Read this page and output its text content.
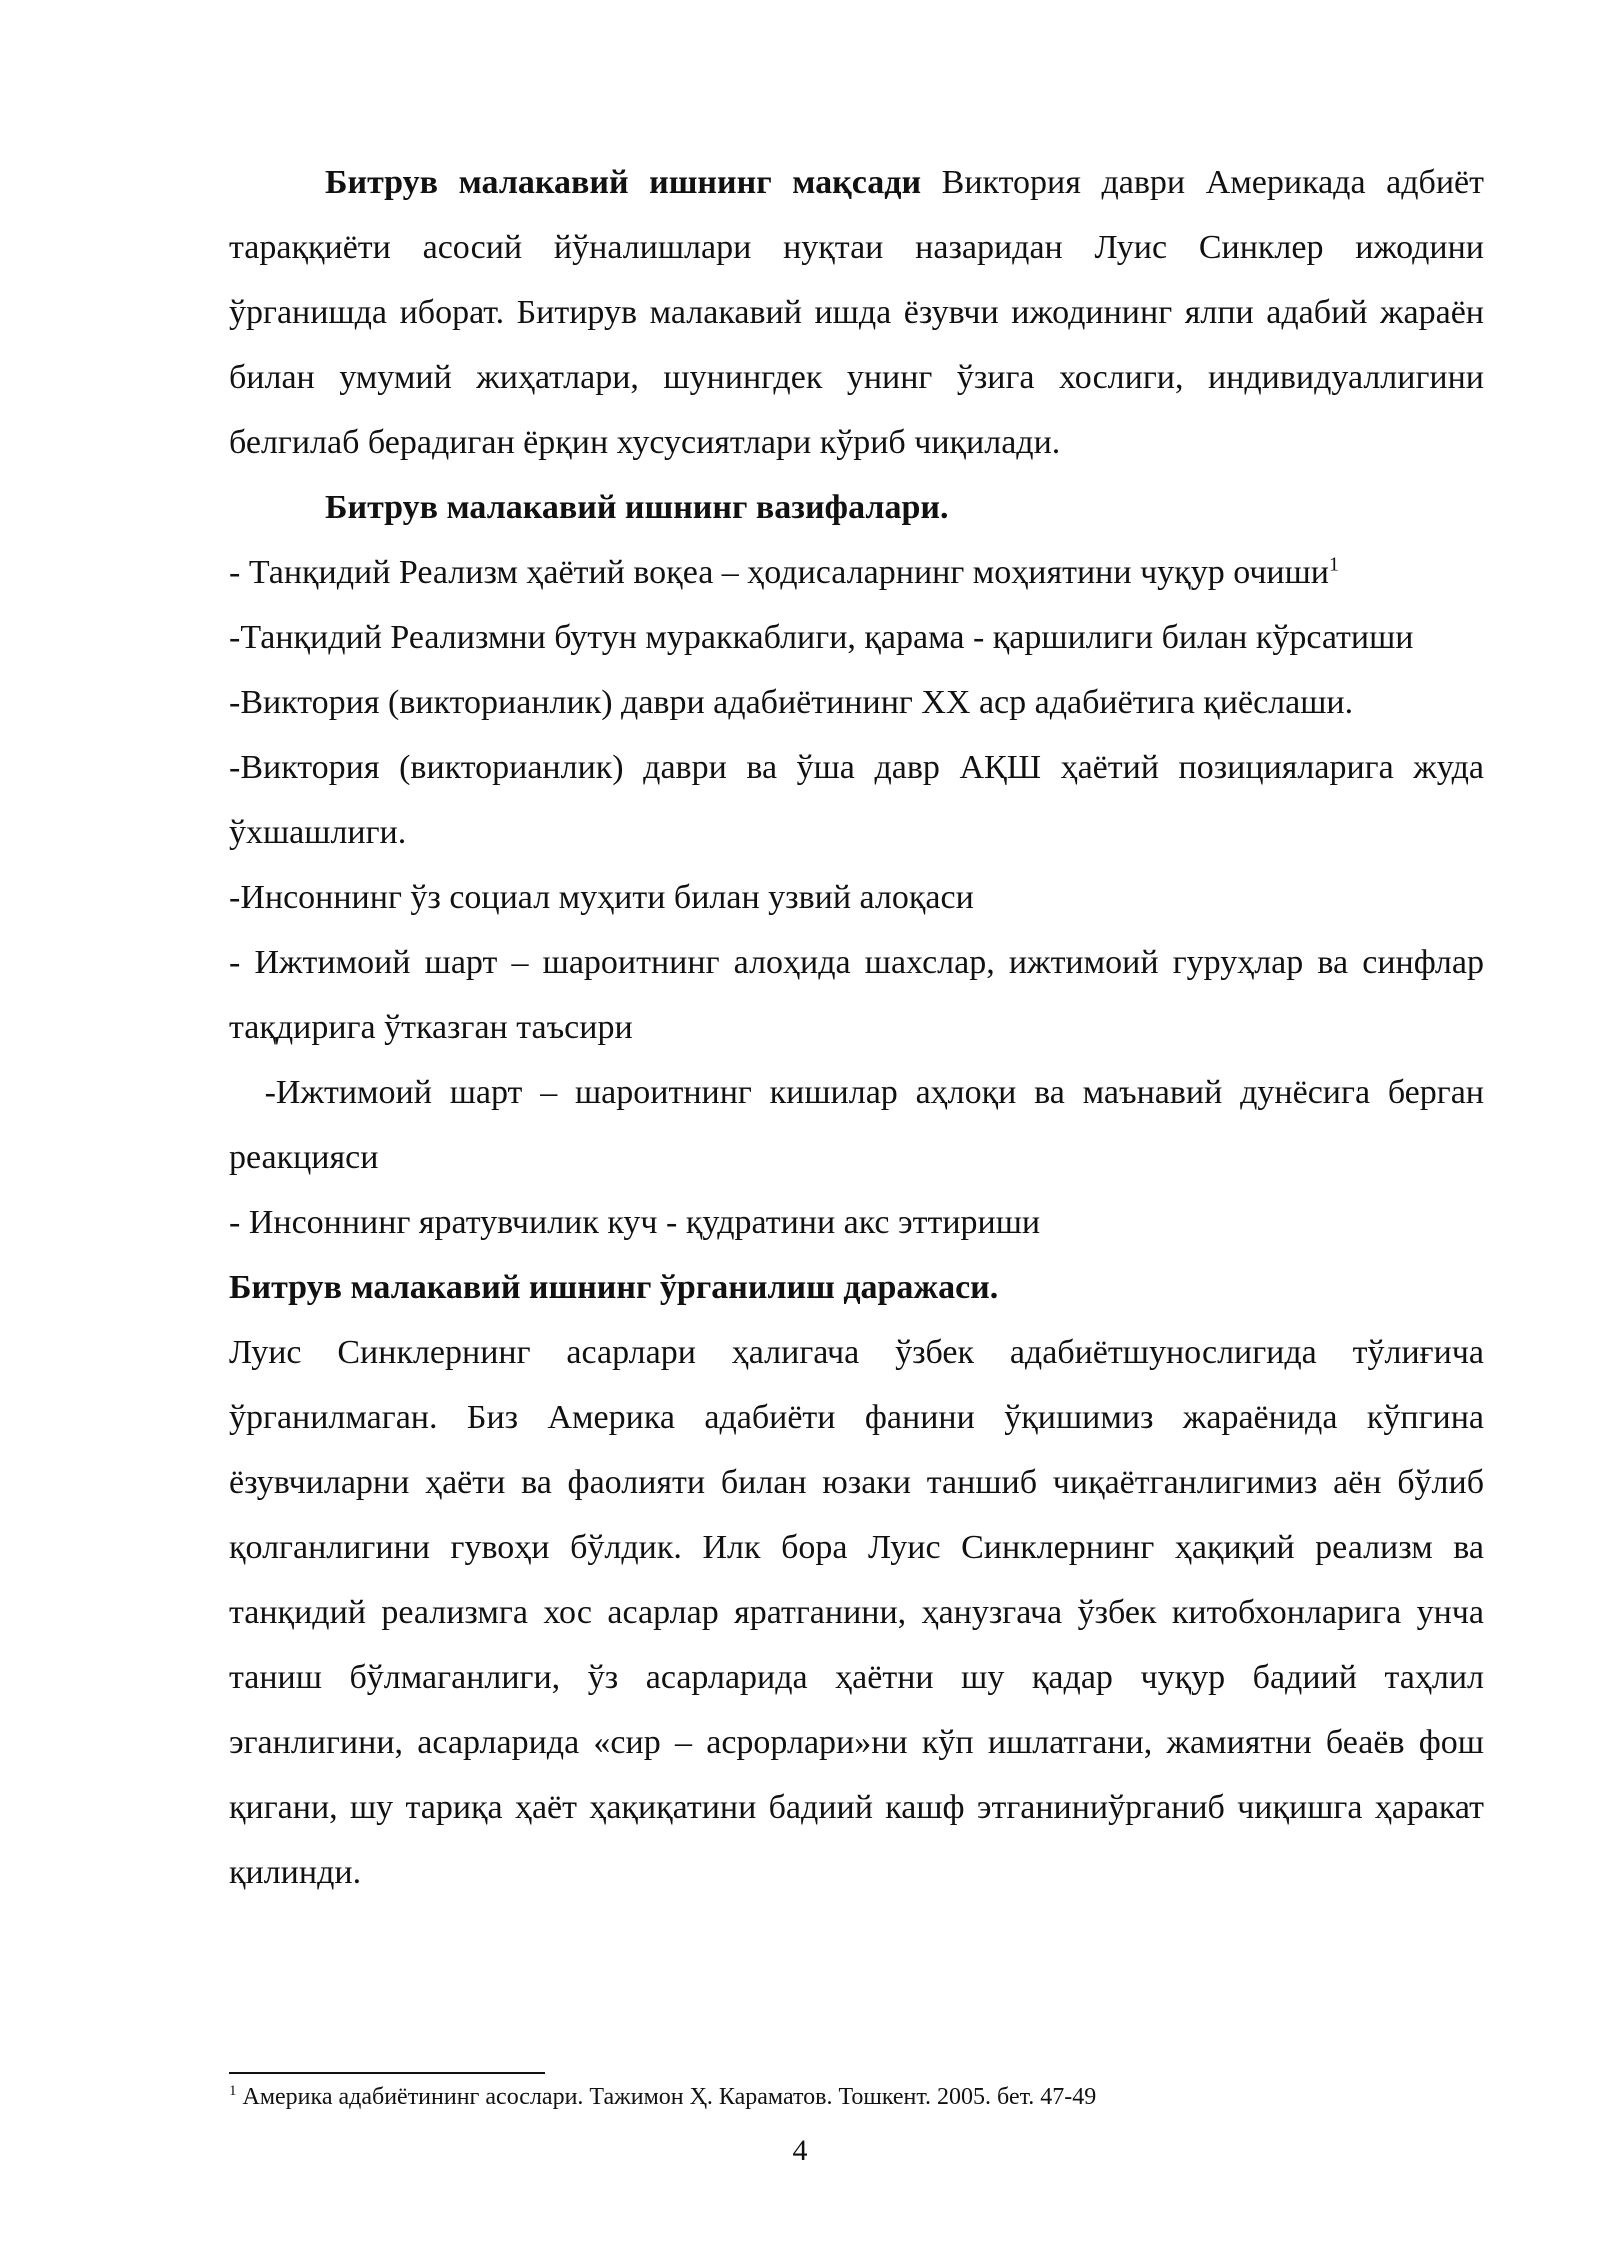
Битрув малакавий ишнинг мақсади Виктория даври Америкада адбиёт тараққиёти асосий йўналишлари нуқтаи назаридан Луис Синклер ижодини ўрганишда иборат. Битирув малакавий ишда ёзувчи ижодининг ялпи адабий жараён билан умумий жиҳатлари, шунингдек унинг ўзига хослиги, индивидуаллигини белгилаб берадиган ёрқин хусусиятлари кўриб чиқилади.

Битрув малакавий ишнинг вазифалари.

- Танқидий Реализм ҳаётий воқеа – ҳодисаларнинг моҳиятини чуқур очиши$^1$

-Танқидий Реализмни бутун мураккаблиги, қарама - қаршилиги билан кўрсатиши

-Виктория (викторианлик) даври адабиётининг ХХ аср адабиётига қиёслаши.

-Виктория (викторианлик) даври ва ўша давр АҚШ ҳаётий позицияларига жуда ўхшашлиги.

-Инсоннинг ўз социал муҳити билан узвий алоқаси

- Ижтимоий шарт – шароитнинг алоҳида шахслар, ижтимоий гуруҳлар ва синфлар тақдирига ўтказган таъсири

-Ижтимоий шарт – шароитнинг кишилар аҳлоқи ва маънавий дунёсига берган реакцияси

- Инсоннинг яратувчилик куч - қудратини акс эттириши

Битрув малакавий ишнинг ўрганилиш даражаси.

Луис Синклернинг асарлари ҳалигача ўзбек адабиётшунослигида тўлиғича ўрганилмаган. Биз Америка адабиёти фанини ўқишимиз жараёнида кўпгина ёзувчиларни ҳаёти ва фаолияти билан юзаки таншиб чиқаётганлигимиз аён бўлиб қолганлигини гувоҳи бўлдик. Илк бора Луис Синклернинг ҳақиқий реализм ва танқидий реализмга хос асарлар яратганини, ҳанузгача ўзбек китобхонларига унча таниш бўлмаганлиги, ўз асарларида ҳаётни шу қадар чуқур бадиий таҳлил эганлигини, асарларида «сир – асрорлари»ни кўп ишлатгани, жамиятни беаёв фош қигани, шу тариқа ҳаёт ҳақиқатини бадиий кашф этганиниўрганиб чиқишга ҳаракат қилинди.

$^1$ Америка адабиётининг асослари. Тажимон Ҳ. Караматов. Тошкент. 2005. бет. 47-49

4
